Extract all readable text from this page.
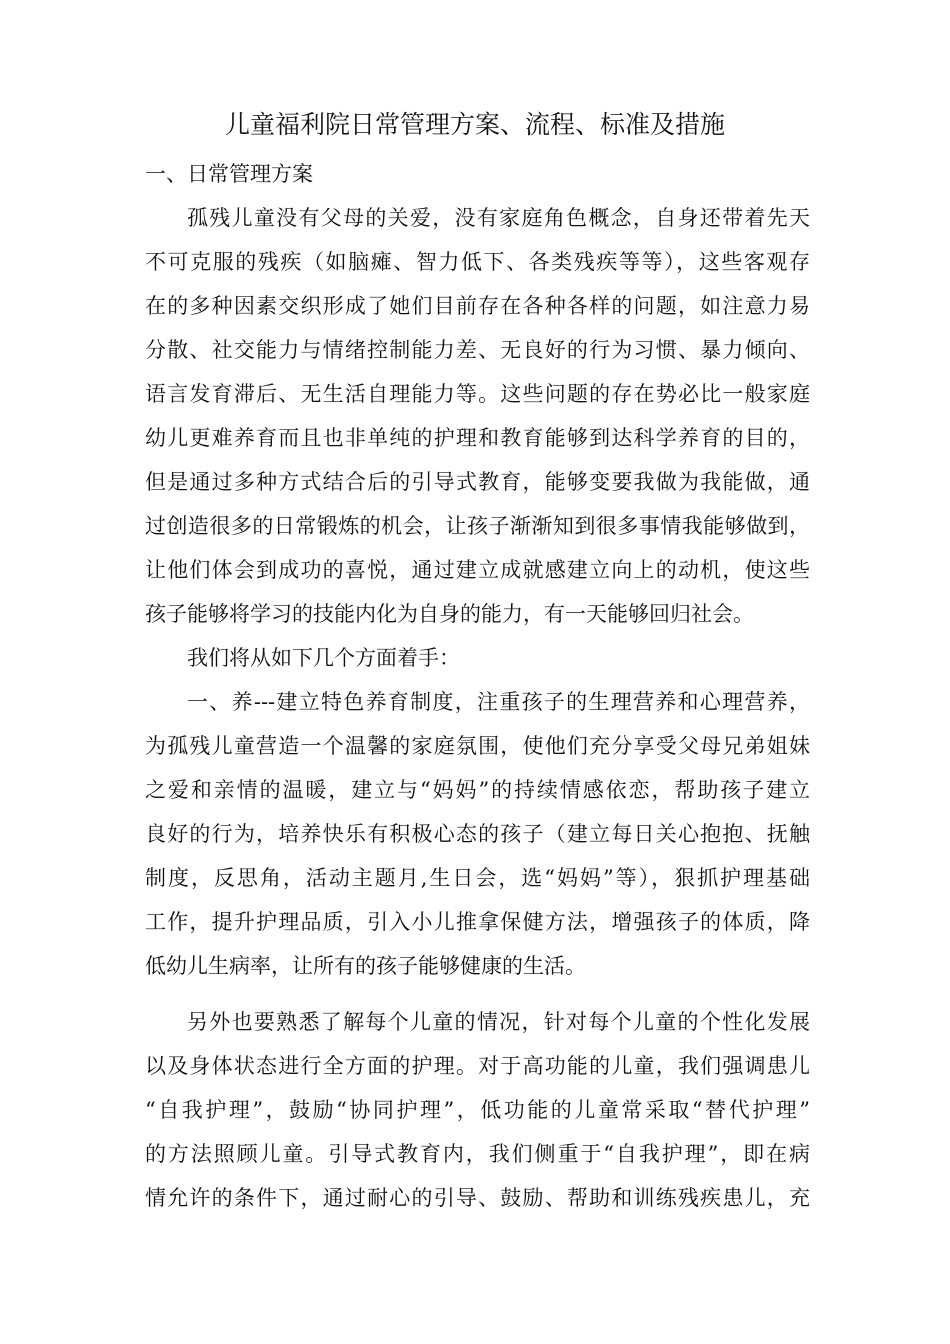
儿童福利院日常管理方案、流程、标准及措施

一、日常管理方案

孤残儿童没有父母的关爱，没有家庭角色概念，自身还带着先天

不可克服的残疾（如脑瘫、智力低下、各类残疾等等），这些客观存

在的多种因素交织形成了她们目前存在各种各样的问题，如注意力易

分散、社交能力与情绪控制能力差、无良好的行为习惯、暴力倾向、

语言发育滞后、无生活自理能力等。这些问题的存在势必比一般家庭

幼儿更难养育而且也非单纯的护理和教育能够到达科学养育的目的，

但是通过多种方式结合后的引导式教育，能够变要我做为我能做，通

过创造很多的日常锻炼的机会，让孩子渐渐知到很多事情我能够做到，

让他们体会到成功的喜悦，通过建立成就感建立向上的动机，使这些

孩子能够将学习的技能内化为自身的能力，有一天能够回归社会。

我们将从如下几个方面着手：

一、养---建立特色养育制度，注重孩子的生理营养和心理营养，

为孤残儿童营造一个温馨的家庭氛围，使他们充分享受父母兄弟姐妹

之爱和亲情的温暖，建立与“妈妈”的持续情感依恋，帮助孩子建立

良好的行为，培养快乐有积极心态的孩子（建立每日关心抱抱、抚触

制度，反思角，活动主题月,生日会，选“妈妈”等），狠抓护理基础

工作，提升护理品质，引入小儿推拿保健方法，增强孩子的体质，降

低幼儿生病率，让所有的孩子能够健康的生活。

另外也要熟悉了解每个儿童的情况，针对每个儿童的个性化发展

以及身体状态进行全方面的护理。对于高功能的儿童，我们强调患儿

“自我护理”，鼓励“协同护理”，低功能的儿童常采取“替代护理”

的方法照顾儿童。引导式教育内，我们侧重于“自我护理”，即在病

情允许的条件下，通过耐心的引导、鼓励、帮助和训练残疾患儿，充
